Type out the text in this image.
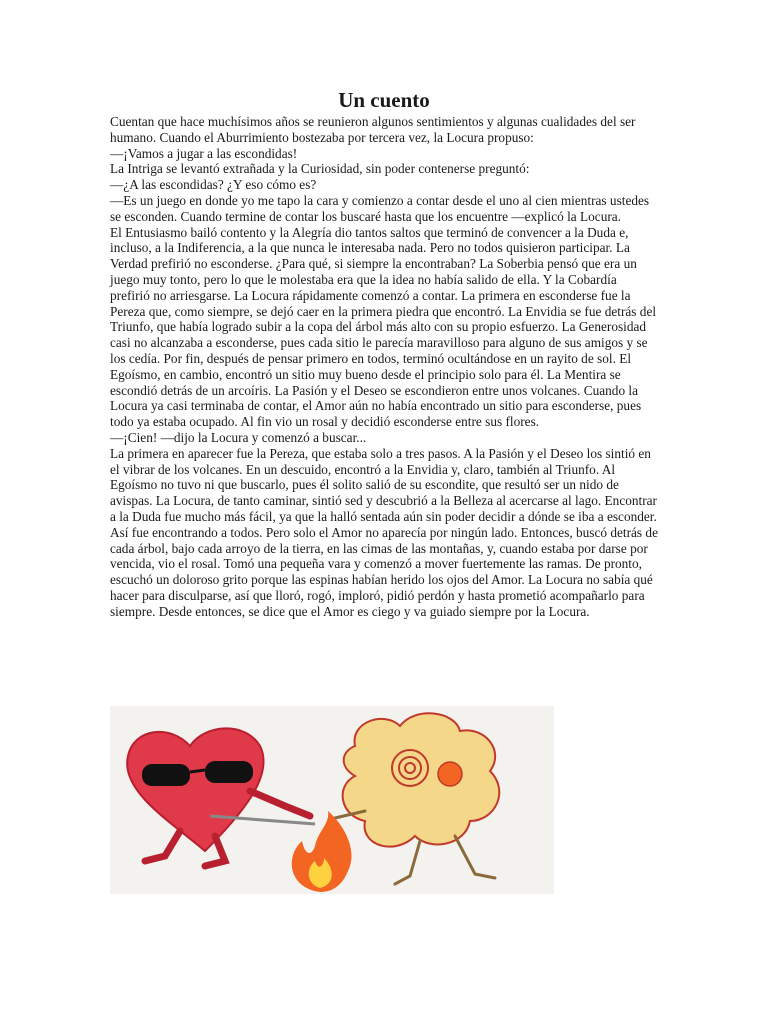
Un cuento

Cuentan que hace muchísimos años se reunieron algunos sentimientos y algunas cualidades del ser humano. Cuando el Aburrimiento bostezaba por tercera vez, la Locura propuso:

—¡Vamos a jugar a las escondidas!

La Intriga se levantó extrañada y la Curiosidad, sin poder contenerse preguntó:

—¿A las escondidas? ¿Y eso cómo es?

—Es un juego en donde yo me tapo la cara y comienzo a contar desde el uno al cien mientras ustedes se esconden. Cuando termine de contar los buscaré hasta que los encuentre —explicó la Locura.

El Entusiasmo bailó contento y la Alegría dio tantos saltos que terminó de convencer a la Duda e, incluso, a la Indiferencia, a la que nunca le interesaba nada. Pero no todos quisieron participar. La Verdad prefirió no esconderse. ¿Para qué, si siempre la encontraban? La Soberbia pensó que era un juego muy tonto, pero lo que le molestaba era que la idea no había salido de ella. Y la Cobardía prefirió no arriesgarse. La Locura rápidamente comenzó a contar. La primera en esconderse fue la Pereza que, como siempre, se dejó caer en la primera piedra que encontró. La Envidia se fue detrás del Triunfo, que había logrado subir a la copa del árbol más alto con su propio esfuerzo. La Generosidad casi no alcanzaba a esconderse, pues cada sitio le parecía maravilloso para alguno de sus amigos y se los cedía. Por fin, después de pensar primero en todos, terminó ocultándose en un rayito de sol. El Egoísmo, en cambio, encontró un sitio muy bueno desde el principio solo para él. La Mentira se escondió detrás de un arcoíris. La Pasión y el Deseo se escondieron entre unos volcanes. Cuando la Locura ya casi terminaba de contar, el Amor aún no había encontrado un sitio para esconderse, pues todo ya estaba ocupado. Al fin vio un rosal y decidió esconderse entre sus flores.

—¡Cien! —dijo la Locura y comenzó a buscar...

La primera en aparecer fue la Pereza, que estaba solo a tres pasos. A la Pasión y el Deseo los sintió en el vibrar de los volcanes. En un descuido, encontró a la Envidia y, claro, también al Triunfo. Al Egoísmo no tuvo ni que buscarlo, pues él solito salió de su escondite, que resultó ser un nido de avispas. La Locura, de tanto caminar, sintió sed y descubrió a la Belleza al acercarse al lago. Encontrar a la Duda fue mucho más fácil, ya que la halló sentada aún sin poder decidir a dónde se iba a esconder. Así fue encontrando a todos. Pero solo el Amor no aparecía por ningún lado. Entonces, buscó detrás de cada árbol, bajo cada arroyo de la tierra, en las cimas de las montañas, y, cuando estaba por darse por vencida, vio el rosal. Tomó una pequeña vara y comenzó a mover fuertemente las ramas. De pronto, escuchó un doloroso grito porque las espinas habían herido los ojos del Amor. La Locura no sabía qué hacer para disculparse, así que lloró, rogó, imploró, pidió perdón y hasta prometió acompañarlo para siempre. Desde entonces, se dice que el Amor es ciego y va guiado siempre por la Locura.
